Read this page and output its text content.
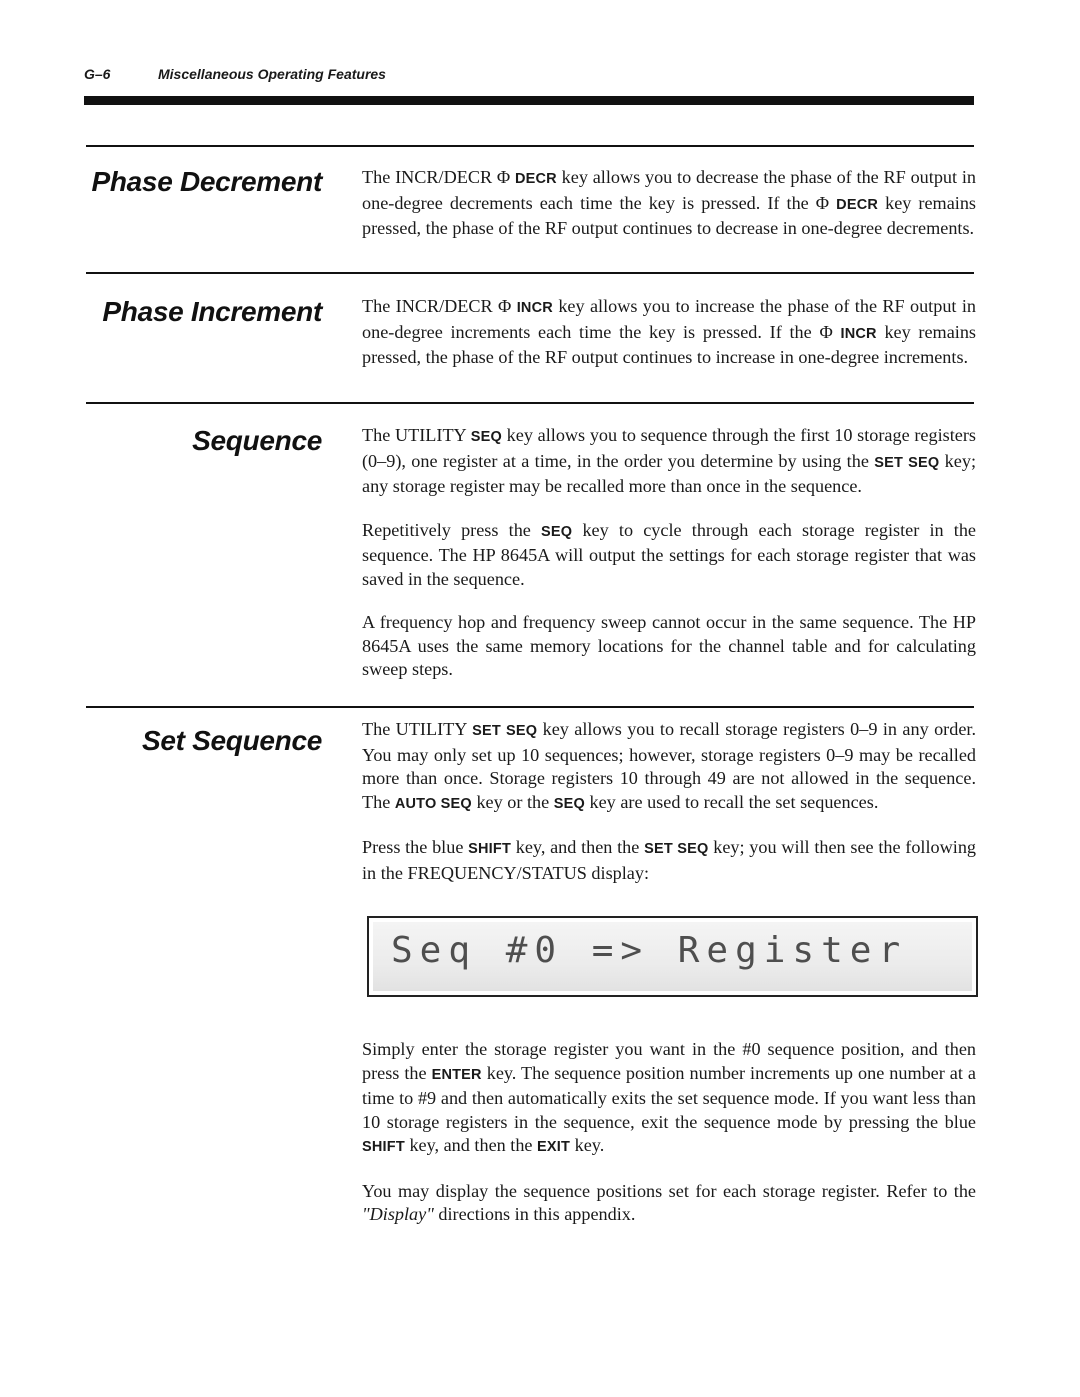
G–6	Miscellaneous Operating Features
Phase Decrement The INCR/DECR Φ DECR key allows you to decrease the phase of the RF output in one-degree decrements each time the key is pressed. If the Φ DECR key remains pressed, the phase of the RF output continues to decrease in one-degree decrements.

Phase Increment The INCR/DECR Φ INCR key allows you to increase the phase of the RF output in one-degree increments each time the key is pressed. If the Φ INCR key remains pressed, the phase of the RF output continues to increase in one-degree increments.

Sequence The UTILITY SEQ key allows you to sequence through the first 10 storage registers (0–9), one register at a time, in the order you determine by using the SET SEQ key; any storage register may be recalled more than once in the sequence.

Repetitively press the SEQ key to cycle through each storage register in the sequence. The HP 8645A will output the settings for each storage register that was saved in the sequence.

A frequency hop and frequency sweep cannot occur in the same sequence. The HP 8645A uses the same memory locations for the channel table and for calculating sweep steps.

Set Sequence The UTILITY SET SEQ key allows you to recall storage registers 0–9 in any order. You may only set up 10 sequences; however, storage registers 0–9 may be recalled more than once. Storage registers 10 through 49 are not allowed in the sequence. The AUTO SEQ key or the SEQ key are used to recall the set sequences.

Press the blue SHIFT key, and then the SET SEQ key; you will then see the following in the FREQUENCY/STATUS display:

Seq #0 => Register

Simply enter the storage register you want in the #0 sequence position, and then press the ENTER key. The sequence position number increments up one number at a time to #9 and then automatically exits the set sequence mode. If you want less than 10 storage registers in the sequence, exit the sequence mode by pressing the blue SHIFT key, and then the EXIT key.

You may display the sequence positions set for each storage register. Refer to the "Display" directions in this appendix.
